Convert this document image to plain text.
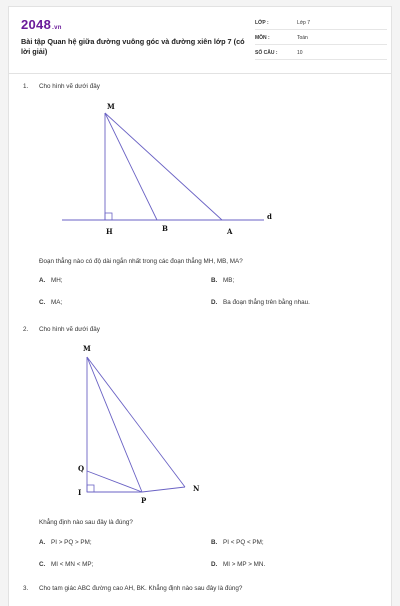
2048.vn
Bài tập Quan hệ giữa đường vuông góc và đường xiên lớp 7 (có lời giải)
LỚP :	Lớp 7
MÔN :	Toán
SỐ CÂU :	10
1. Cho hình vẽ dưới đây
M
H	B	A
d
Đoạn thẳng nào có độ dài ngắn nhất trong các đoạn thẳng MH, MB, MA?
A. MH;	B. MB;
C. MA;	D. Ba đoạn thẳng trên bằng nhau.
2. Cho hình vẽ dưới đây
M
Q
I
P
N
Khẳng định nào sau đây là đúng?
A. PI > PQ > PM;	B. PI < PQ < PM;
C. MI < MN < MP;	D. MI > MP > MN.
3. Cho tam giác ABC đường cao AH, BK. Khẳng định nào sau đây là đúng?
